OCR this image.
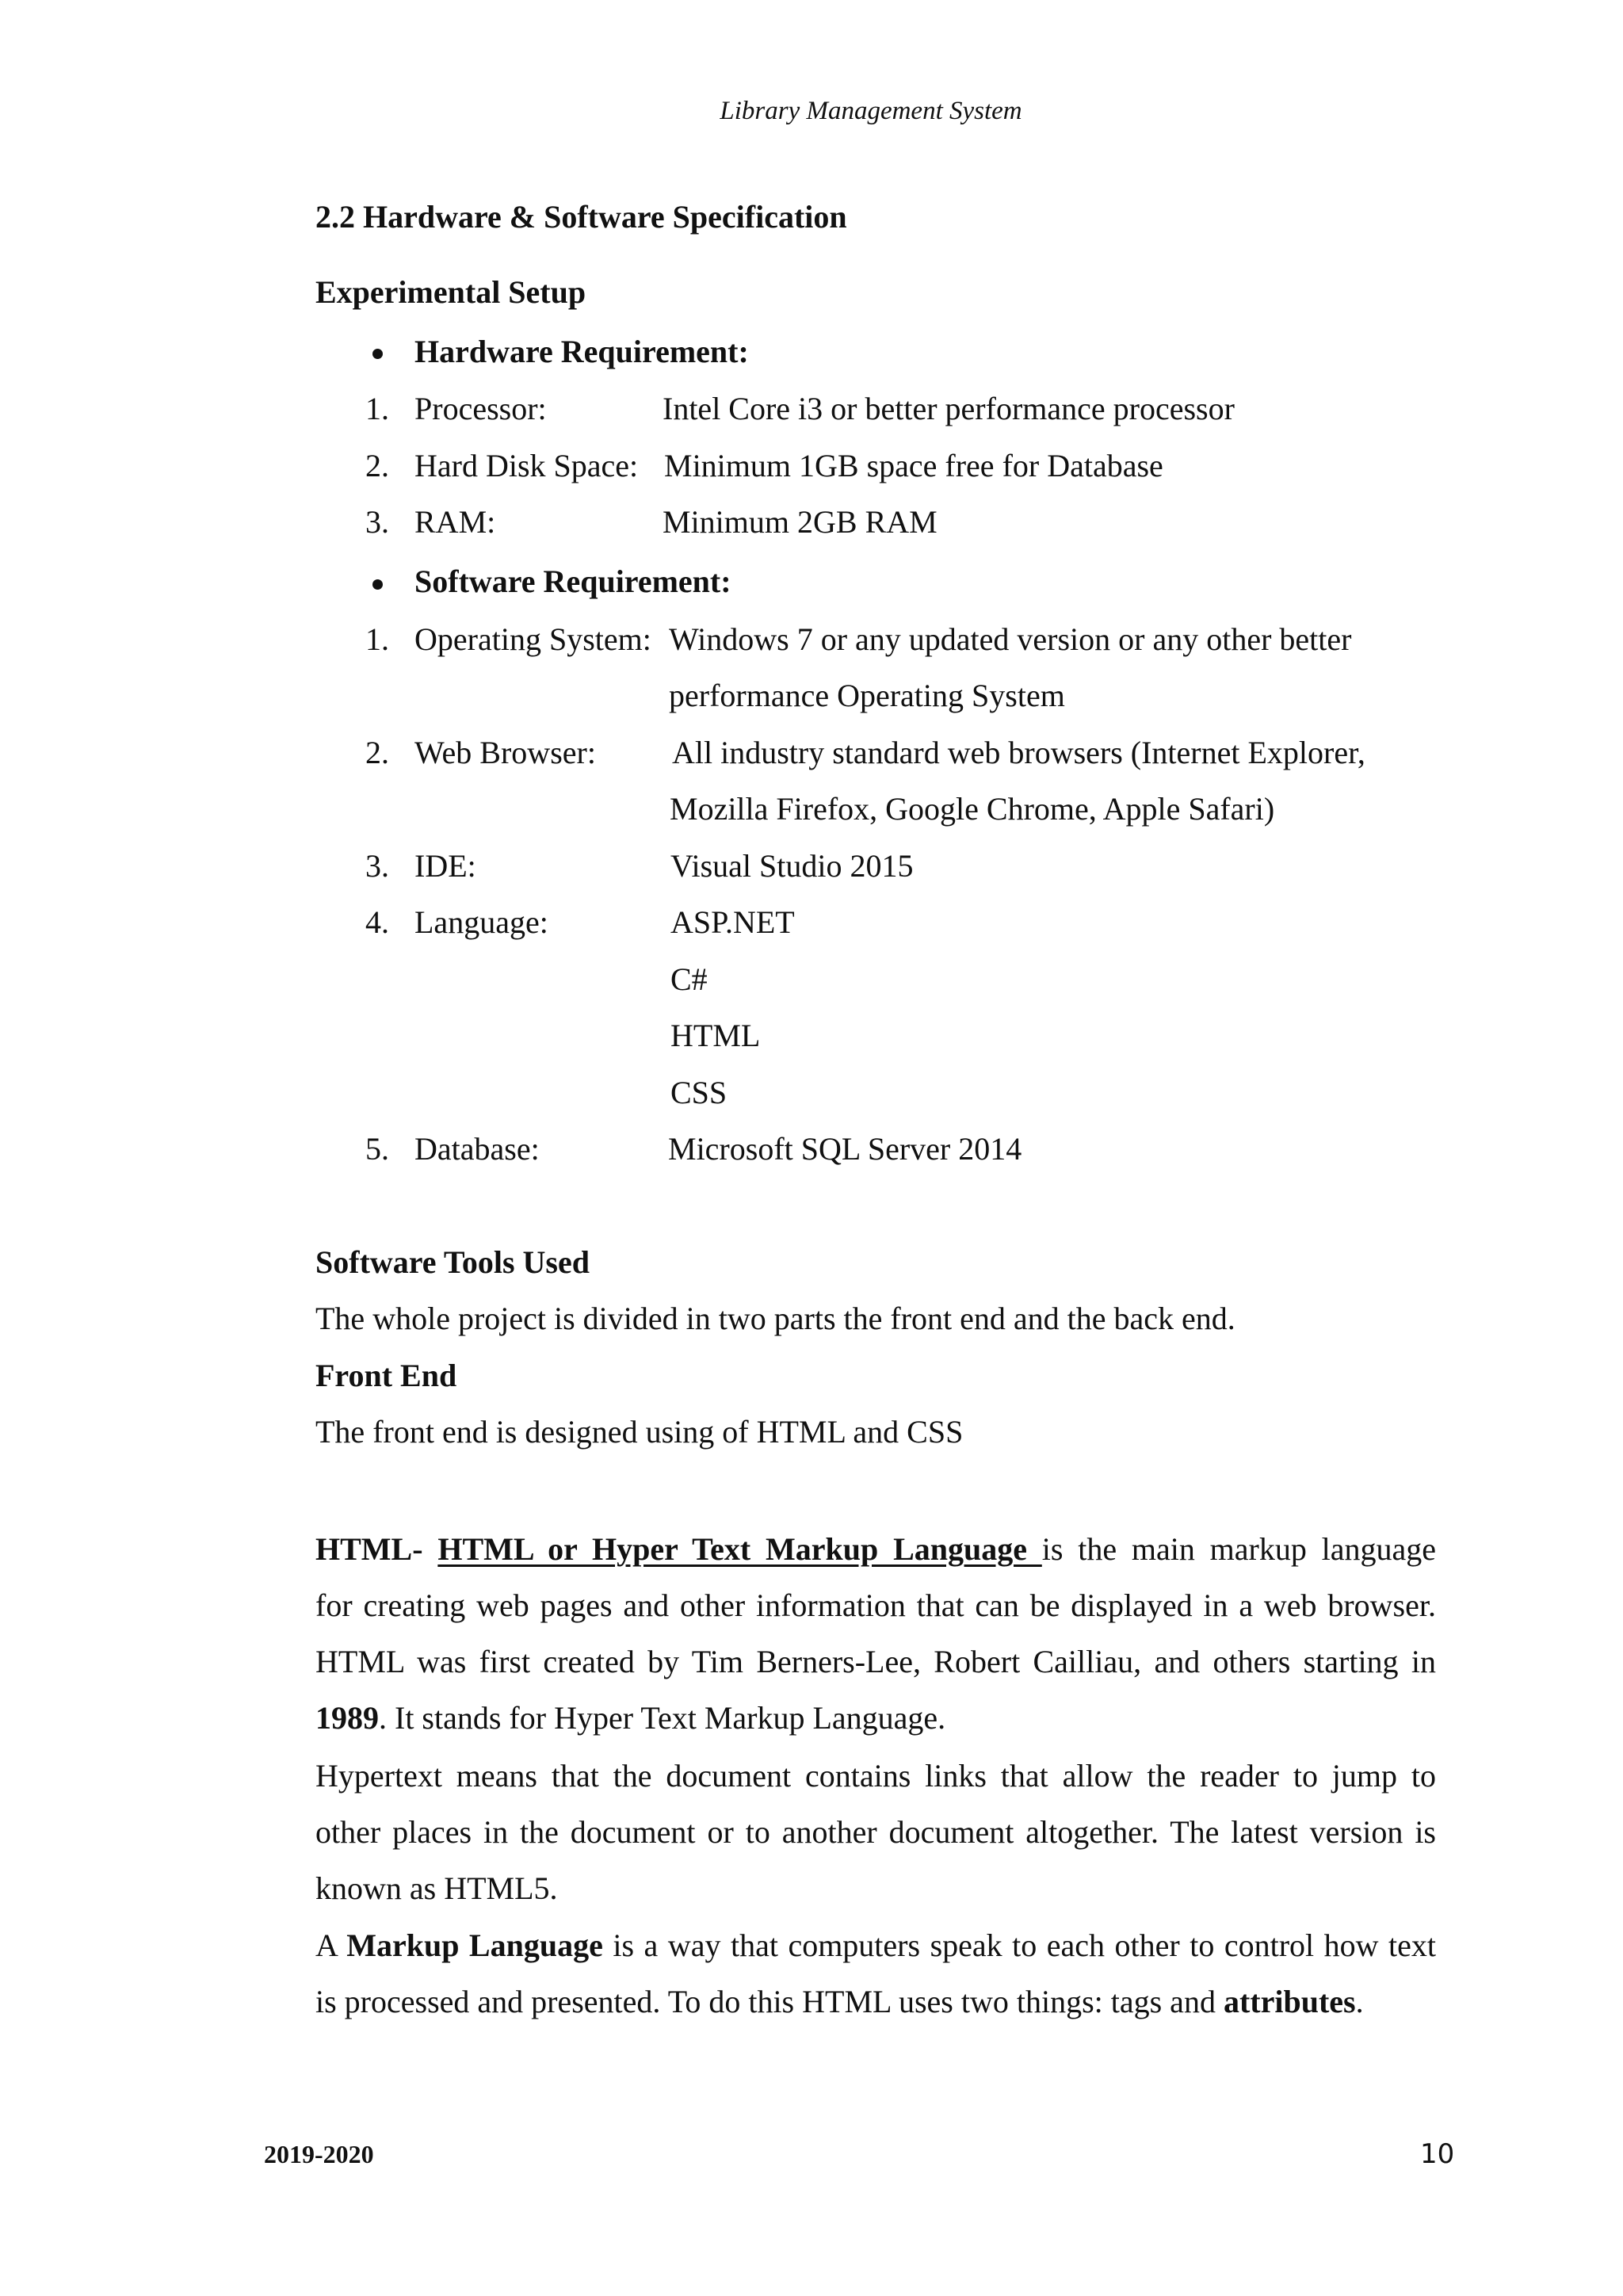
Library Management System
2.2 Hardware & Software Specification
Experimental Setup
Hardware Requirement:
1. Processor:	Intel Core i3 or better performance processor
2. Hard Disk Space: Minimum 1GB space free for Database
3. RAM:	Minimum 2GB RAM
Software Requirement:
1. Operating System: Windows 7 or any updated version or any other better
performance Operating System
2. Web Browser: All industry standard web browsers (Internet Explorer,
Mozilla Firefox, Google Chrome, Apple Safari)
3. IDE:	Visual Studio 2015
4. Language:	ASP.NET
C#
HTML
CSS
5. Database:	Microsoft SQL Server 2014
Software Tools Used
The whole project is divided in two parts the front end and the back end.
Front End
The front end is designed using of HTML and CSS
HTML- HTML or Hyper Text Markup Language is the main markup language
for creating web pages and other information that can be displayed in a web browser.
HTML was first created by Tim Berners-Lee, Robert Cailliau, and others starting in
1989. It stands for Hyper Text Markup Language.
Hypertext means that the document contains links that allow the reader to jump to
other places in the document or to another document altogether. The latest version is
known as HTML5.
A Markup Language is a way that computers speak to each other to control how text
is processed and presented. To do this HTML uses two things: tags and attributes.
2019-2020	10
